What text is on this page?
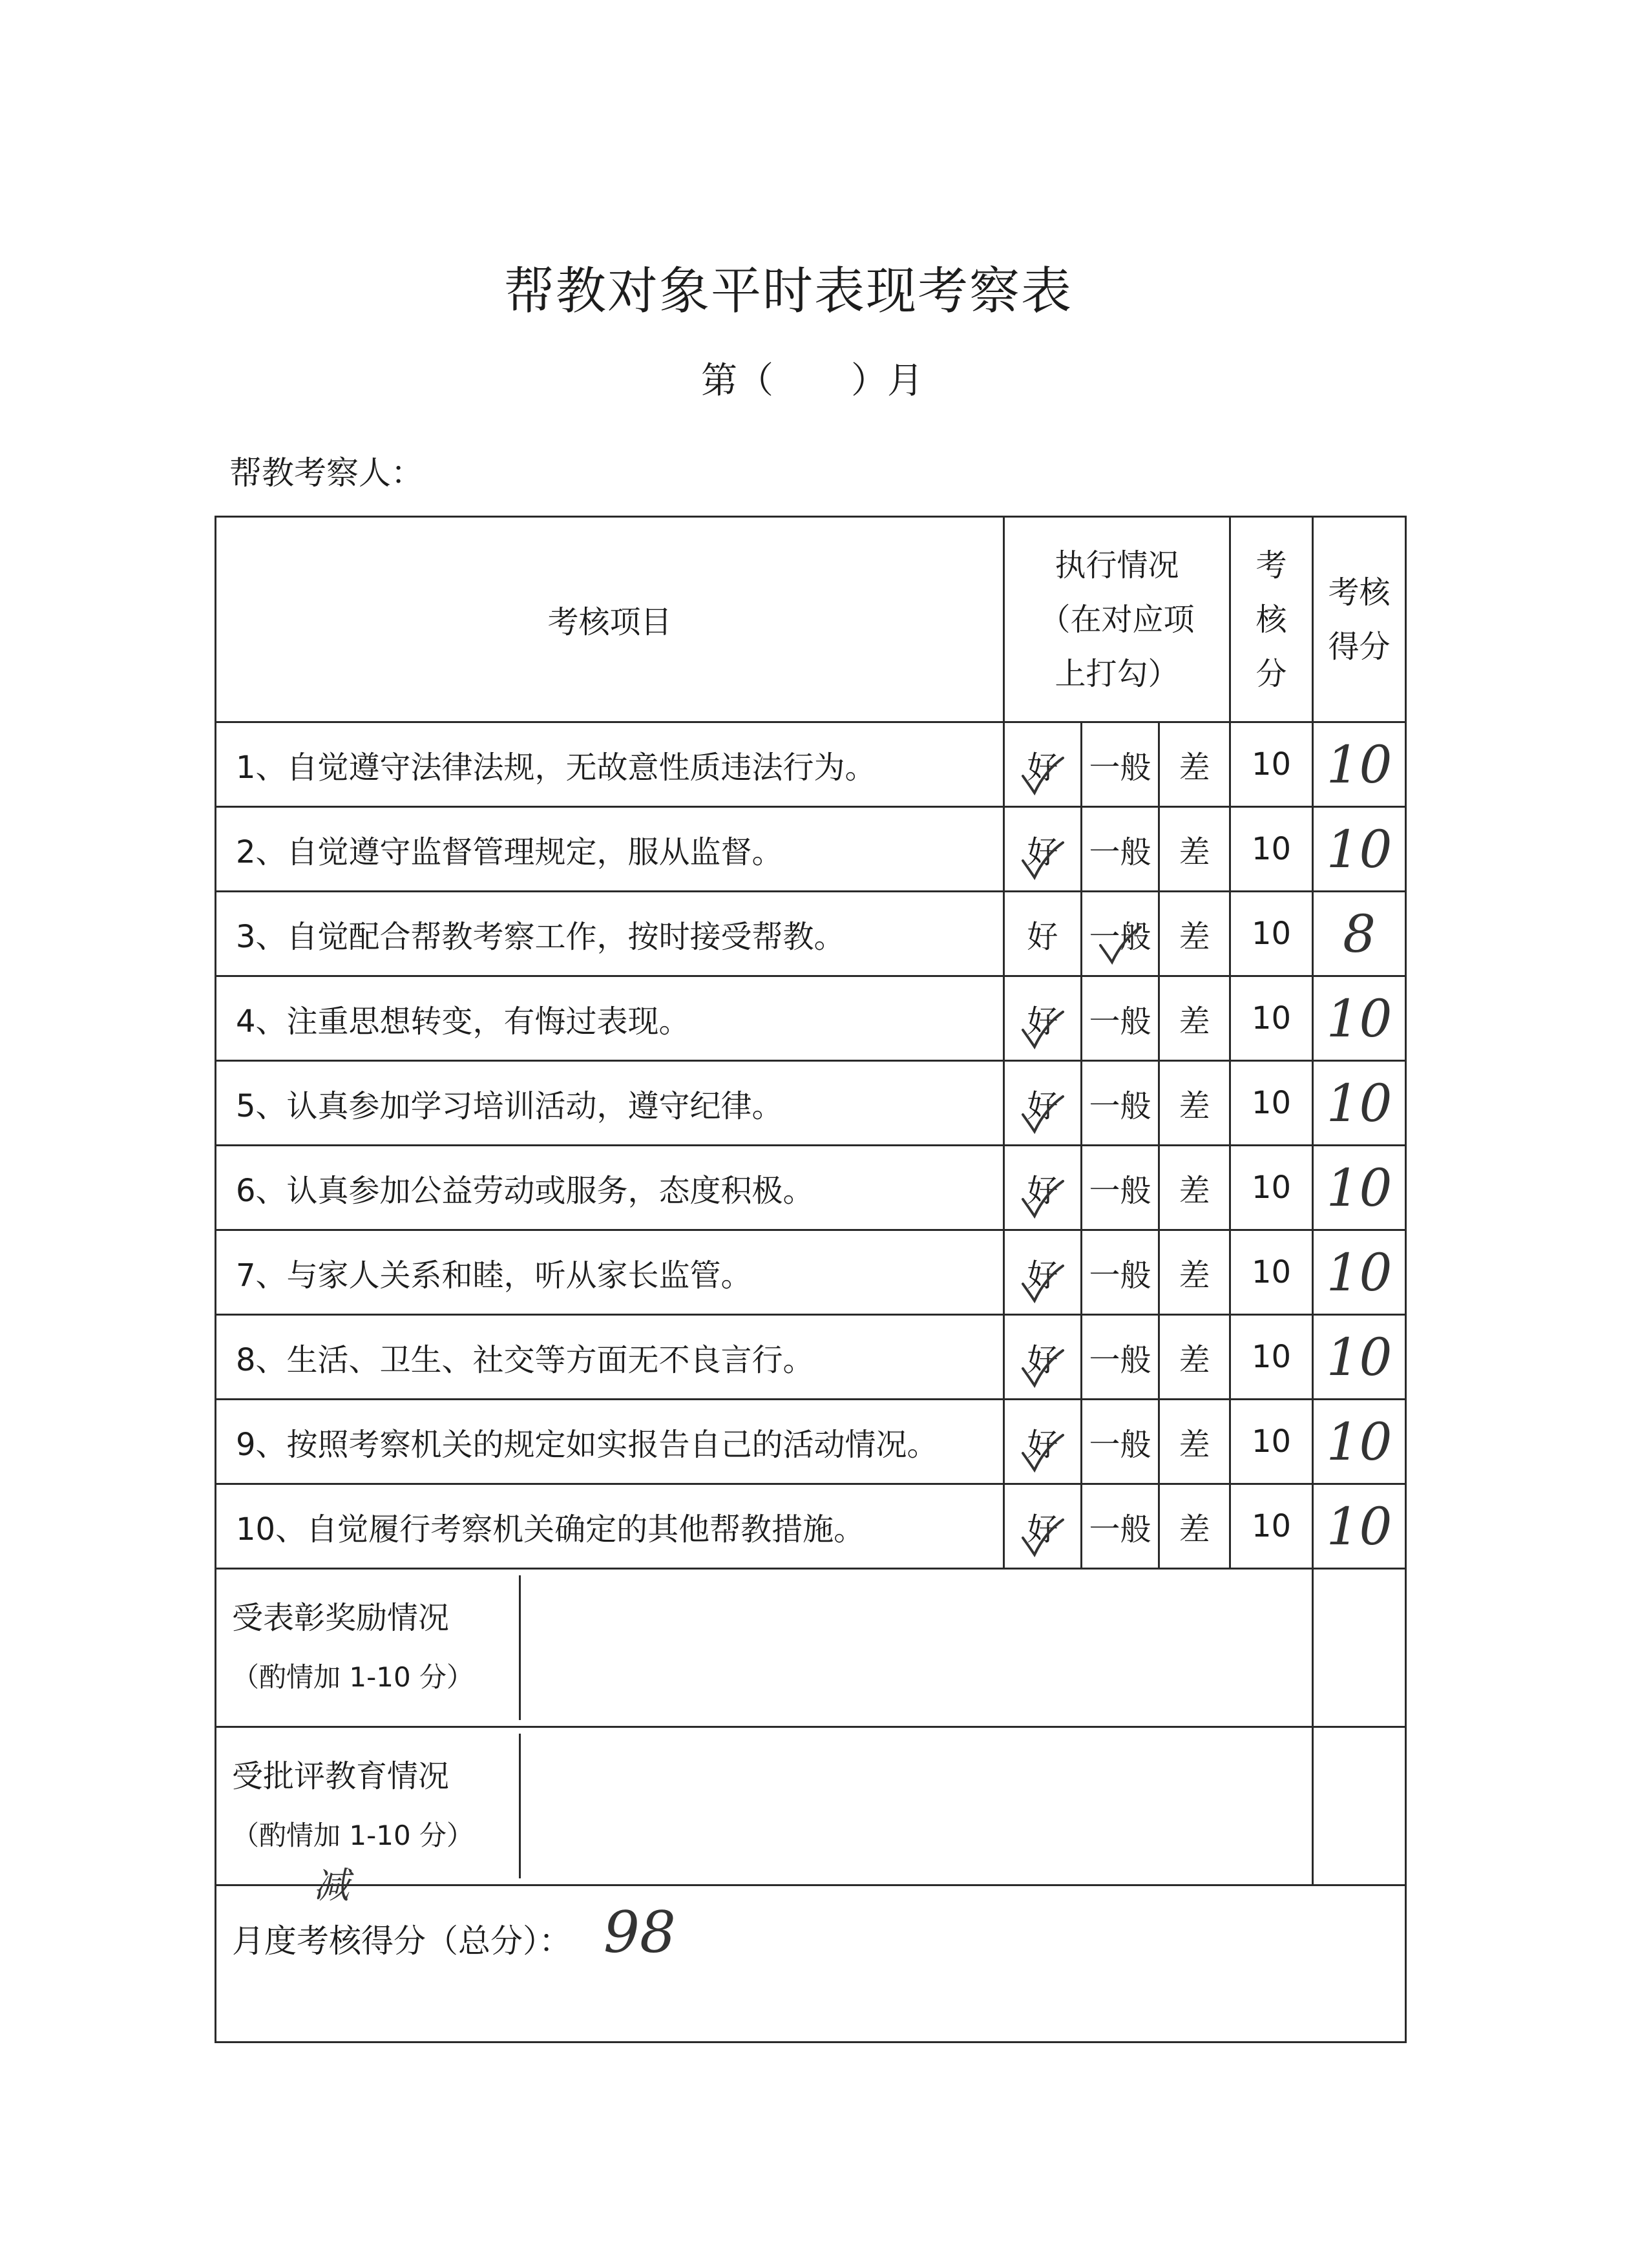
帮教对象平时表现考察表
第（ ）月
帮教考察人：
考核项目	
执行情况
（在对应项
上打勾）

考
核
分

考核
得分

1、自觉遵守法律法规，无故意性质违法行为。	好	一般	差	10	10
2、自觉遵守监督管理规定，服从监督。	好	一般	差	10	10
3、自觉配合帮教考察工作，按时接受帮教。	好	一般	差	10	8
4、注重思想转变，有悔过表现。	好	一般	差	10	10
5、认真参加学习培训活动，遵守纪律。	好	一般	差	10	10
6、认真参加公益劳动或服务，态度积极。	好	一般	差	10	10
7、与家人关系和睦，听从家长监管。	好	一般	差	10	10
8、生活、卫生、社交等方面无不良言行。	好	一般	差	10	10
9、按照考察机关的规定如实报告自己的活动情况。	好	一般	差	10	10
10、自觉履行考察机关确定的其他帮教措施。	好	一般	差	10	10

受表彰奖励情况
（酌情加 1-10 分）

受批评教育情况
（酌情加 1-10 分）
减

月度考核得分（总分）： 98
